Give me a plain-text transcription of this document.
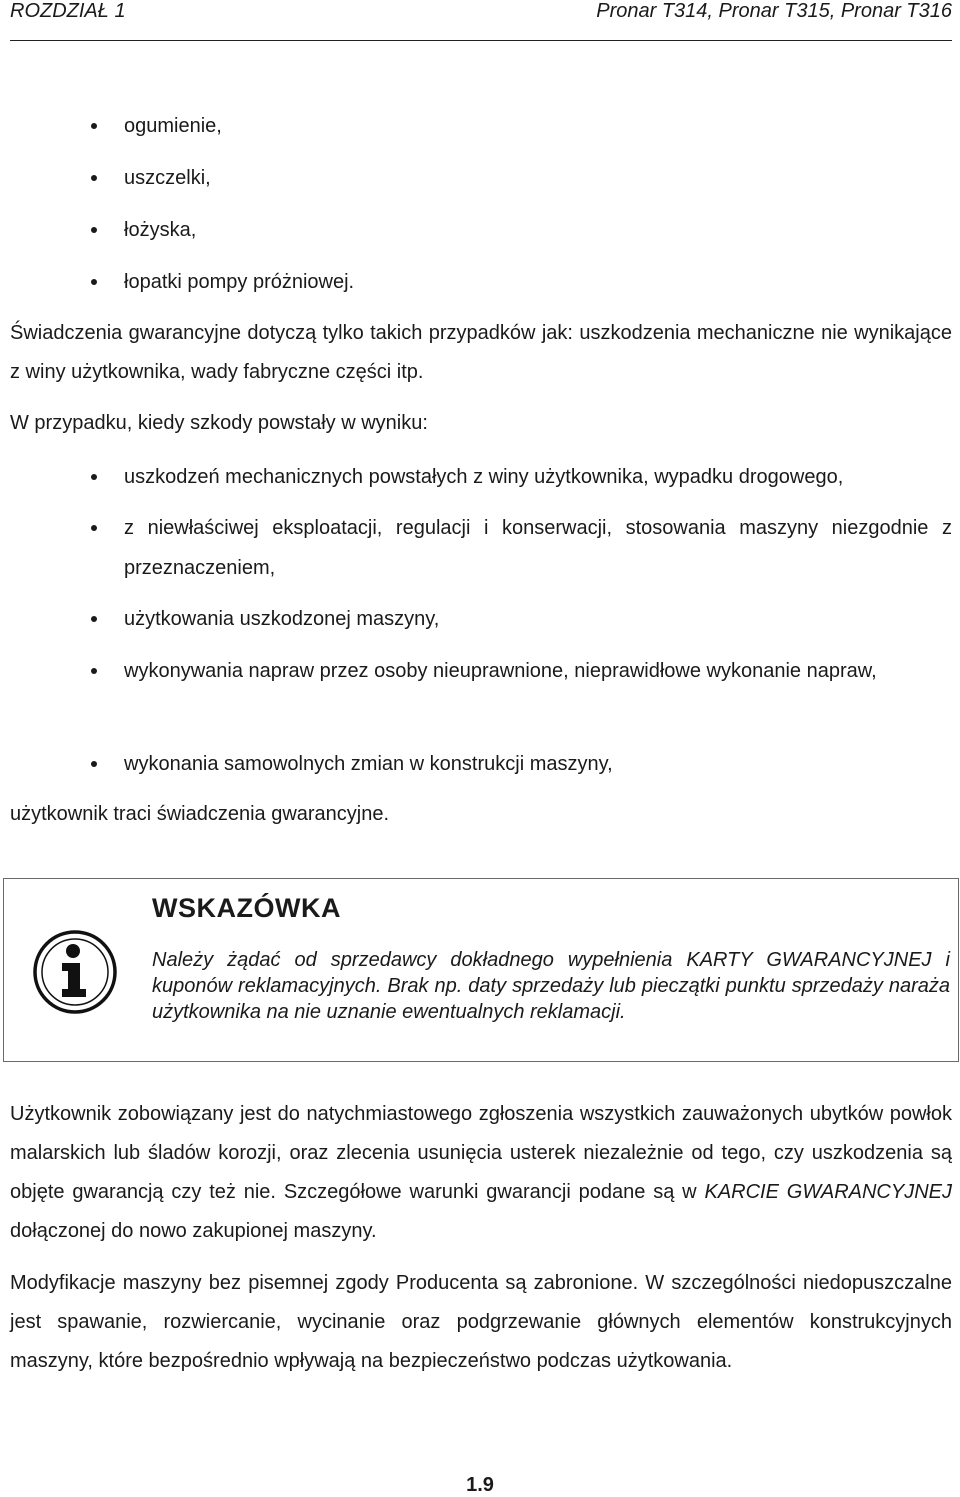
ROZDZIAŁ 1	Pronar T314, Pronar T315, Pronar T316
ogumienie,
uszczelki,
łożyska,
łopatki pompy próżniowej.

Świadczenia gwarancyjne dotyczą tylko takich przypadków jak: uszkodzenia mechaniczne nie wynikające z winy użytkownika, wady fabryczne części itp.

W przypadku, kiedy szkody powstały w wyniku:

uszkodzeń mechanicznych powstałych z winy użytkownika, wypadku drogowego,
z niewłaściwej eksploatacji, regulacji i konserwacji, stosowania maszyny niezgodnie z przeznaczeniem,
użytkowania uszkodzonej maszyny,
wykonywania napraw przez osoby nieuprawnione, nieprawidłowe wykonanie napraw,
wykonania samowolnych zmian w konstrukcji maszyny,

użytkownik traci świadczenia gwarancyjne.

WSKAZÓWKA
Należy żądać od sprzedawcy dokładnego wypełnienia KARTY GWARANCYJNEJ i kuponów reklamacyjnych. Brak np. daty sprzedaży lub pieczątki punktu sprzedaży naraża użytkownika na nie uznanie ewentualnych reklamacji.

Użytkownik zobowiązany jest do natychmiastowego zgłoszenia wszystkich zauważonych ubytków powłok malarskich lub śladów korozji, oraz zlecenia usunięcia usterek niezależnie od tego, czy uszkodzenia są objęte gwarancją czy też nie. Szczegółowe warunki gwarancji podane są w KARCIE GWARANCYJNEJ dołączonej do nowo zakupionej maszyny.

Modyfikacje maszyny bez pisemnej zgody Producenta są zabronione. W szczególności niedopuszczalne jest spawanie, rozwiercanie, wycinanie oraz podgrzewanie głównych elementów konstrukcyjnych maszyny, które bezpośrednio wpływają na bezpieczeństwo podczas użytkowania.

1.9
